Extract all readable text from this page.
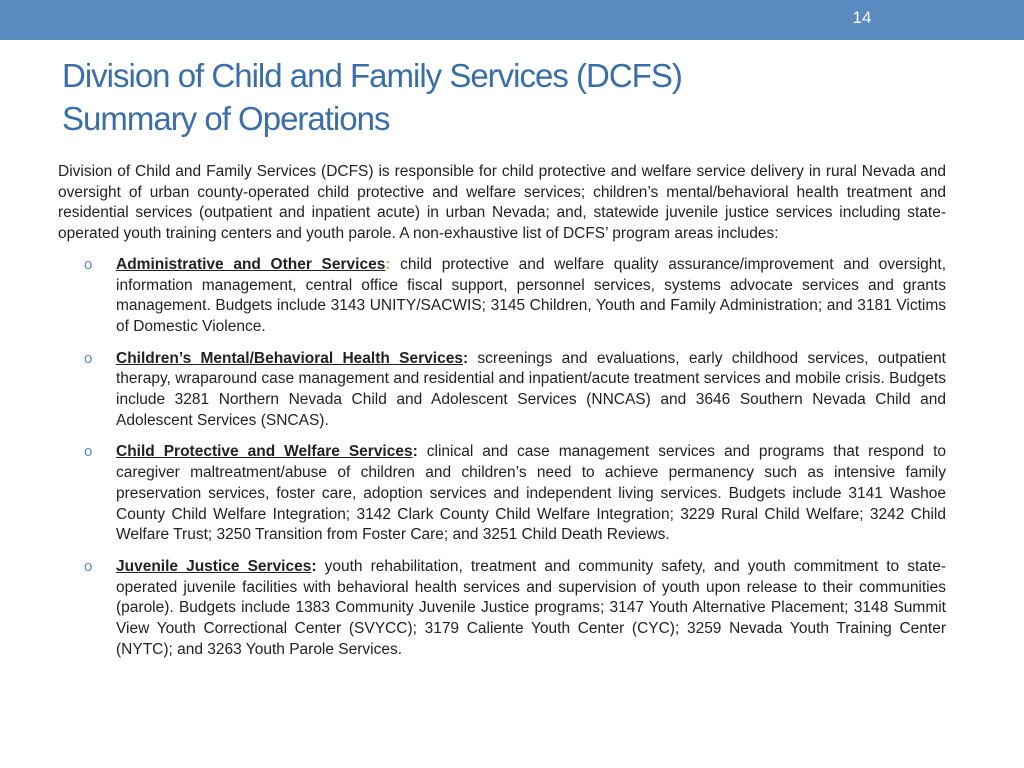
14
Division of Child and Family Services (DCFS)
Summary of Operations

Division of Child and Family Services (DCFS) is responsible for child protective and welfare service delivery in rural Nevada and oversight of urban county-operated child protective and welfare services; children’s mental/behavioral health treatment and residential services (outpatient and inpatient acute) in urban Nevada; and, statewide juvenile justice services including state-operated youth training centers and youth parole. A non-exhaustive list of DCFS’ program areas includes:

o Administrative and Other Services: child protective and welfare quality assurance/improvement and oversight, information management, central office fiscal support, personnel services, systems advocate services and grants management. Budgets include 3143 UNITY/SACWIS; 3145 Children, Youth and Family Administration; and 3181 Victims of Domestic Violence.
o Children’s Mental/Behavioral Health Services: screenings and evaluations, early childhood services, outpatient therapy, wraparound case management and residential and inpatient/acute treatment services and mobile crisis. Budgets include 3281 Northern Nevada Child and Adolescent Services (NNCAS) and 3646 Southern Nevada Child and Adolescent Services (SNCAS).
o Child Protective and Welfare Services: clinical and case management services and programs that respond to caregiver maltreatment/abuse of children and children’s need to achieve permanency such as intensive family preservation services, foster care, adoption services and independent living services. Budgets include 3141 Washoe County Child Welfare Integration; 3142 Clark County Child Welfare Integration; 3229 Rural Child Welfare; 3242 Child Welfare Trust; 3250 Transition from Foster Care; and 3251 Child Death Reviews.
o Juvenile Justice Services: youth rehabilitation, treatment and community safety, and youth commitment to state-operated juvenile facilities with behavioral health services and supervision of youth upon release to their communities (parole). Budgets include 1383 Community Juvenile Justice programs; 3147 Youth Alternative Placement; 3148 Summit View Youth Correctional Center (SVYCC); 3179 Caliente Youth Center (CYC); 3259 Nevada Youth Training Center (NYTC); and 3263 Youth Parole Services.
